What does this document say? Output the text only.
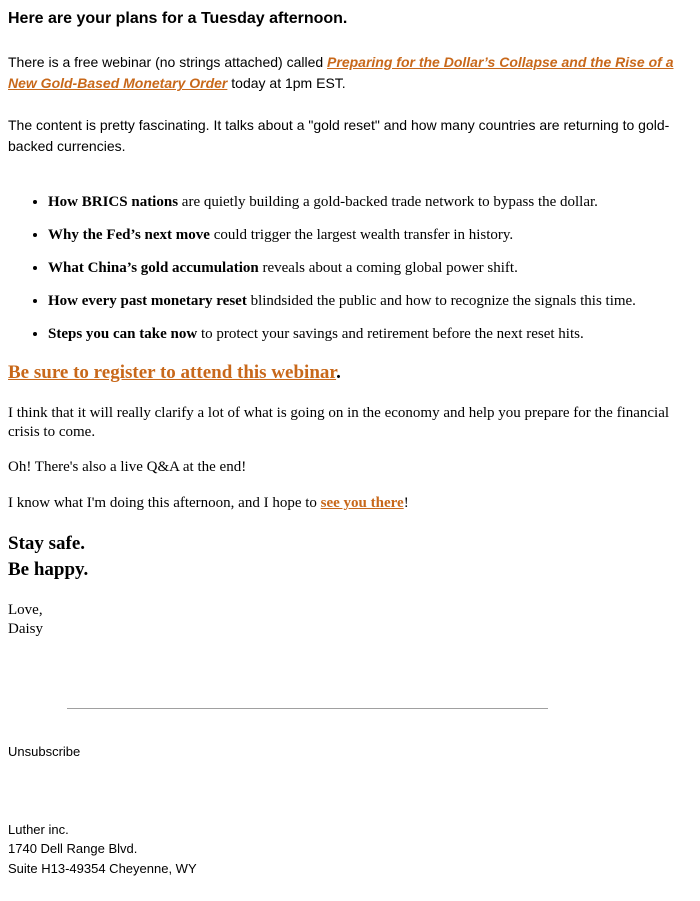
Here are your plans for a Tuesday afternoon.

There is a free webinar (no strings attached) called Preparing for the Dollar’s Collapse and the Rise of a New Gold-Based Monetary Order today at 1pm EST.

The content is pretty fascinating. It talks about a "gold reset" and how many countries are returning to gold-backed currencies.

• How BRICS nations are quietly building a gold-backed trade network to bypass the dollar.
• Why the Fed’s next move could trigger the largest wealth transfer in history.
• What China’s gold accumulation reveals about a coming global power shift.
• How every past monetary reset blindsided the public and how to recognize the signals this time.
• Steps you can take now to protect your savings and retirement before the next reset hits.

Be sure to register to attend this webinar.

I think that it will really clarify a lot of what is going on in the economy and help you prepare for the financial crisis to come.

Oh! There's also a live Q&A at the end!

I know what I'm doing this afternoon, and I hope to see you there!

Stay safe.
Be happy.
Love,
Daisy
Unsubscribe
Luther inc.
1740 Dell Range Blvd.
Suite H13-49354 Cheyenne, WY
